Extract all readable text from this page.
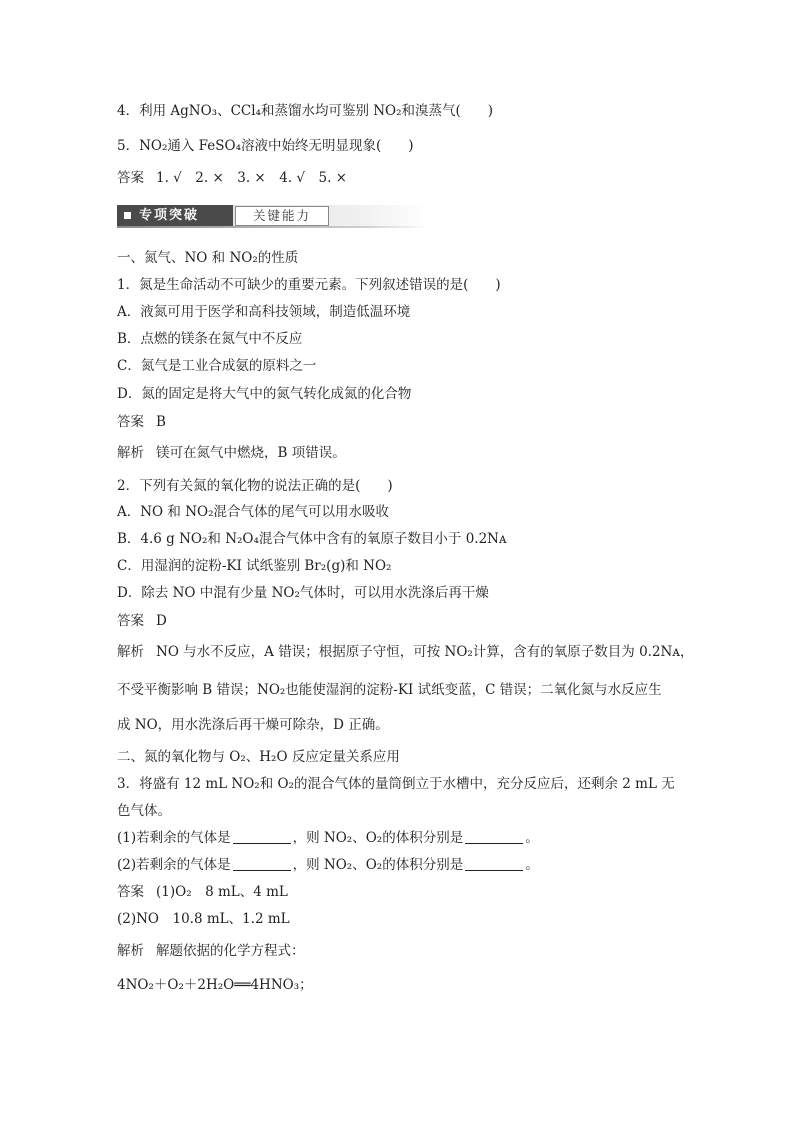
4．利用 AgNO₃、CCl₄和蒸馏水均可鉴别 NO₂和溴蒸气(　　)
5．NO₂通入 FeSO₄溶液中始终无明显现象(　　)
答案 1. √　2. ×　3. ×　4. √　5. ×
专项突破	关键能力
一、氮气、NO 和 NO₂的性质
1．氮是生命活动不可缺少的重要元素。下列叙述错误的是(　　)
A．液氮可用于医学和高科技领域，制造低温环境
B．点燃的镁条在氮气中不反应
C．氮气是工业合成氨的原料之一
D．氮的固定是将大气中的氮气转化成氮的化合物
答案 B
解析 镁可在氮气中燃烧，B 项错误。
2．下列有关氮的氧化物的说法正确的是(　　)
A．NO 和 NO₂混合气体的尾气可以用水吸收
B．4.6 g NO₂和 N₂O₄混合气体中含有的氧原子数目小于 0.2Nᴀ
C．用湿润的淀粉-KI 试纸鉴别 Br₂(g)和 NO₂
D．除去 NO 中混有少量 NO₂气体时，可以用水洗涤后再干燥
答案 D
解析 NO 与水不反应，A 错误；根据原子守恒，可按 NO₂计算，含有的氧原子数目为 0.2Nᴀ，
不受平衡影响 B 错误；NO₂也能使湿润的淀粉-KI 试纸变蓝，C 错误；二氧化氮与水反应生
成 NO，用水洗涤后再干燥可除杂，D 正确。
二、氮的氧化物与 O₂、H₂O 反应定量关系应用
3．将盛有 12 mL NO₂和 O₂的混合气体的量筒倒立于水槽中，充分反应后，还剩余 2 mL 无
色气体。
(1)若剩余的气体是	，则 NO₂、O₂的体积分别是	。
(2)若剩余的气体是	，则 NO₂、O₂的体积分别是	。
答案 (1)O₂　8 mL、4 mL
(2)NO　10.8 mL、1.2 mL
解析 解题依据的化学方程式：
4NO₂＋O₂＋2H₂O══4HNO₃；
